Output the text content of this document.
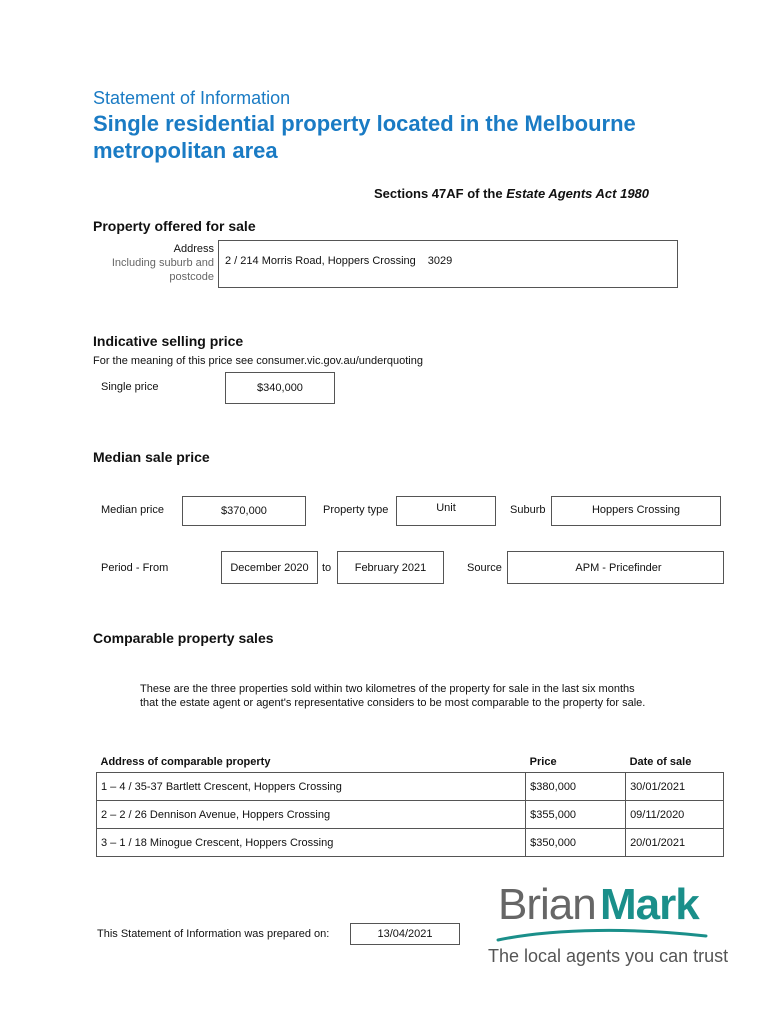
Statement of Information
Single residential property located in the Melbourne metropolitan area
Sections 47AF of the Estate Agents Act 1980
Property offered for sale
Address
Including suburb and
postcode
2 / 214 Morris Road, Hoppers Crossing 3029
Indicative selling price
For the meaning of this price see consumer.vic.gov.au/underquoting
Single price	$340,000
Median sale price
Median price	$370,000	Property type	Unit	Suburb	Hoppers Crossing
Period - From	December 2020	to	February 2021	Source	APM - Pricefinder
Comparable property sales
These are the three properties sold within two kilometres of the property for sale in the last six months
that the estate agent or agent's representative considers to be most comparable to the property for sale.
Address of comparable property	Price	Date of sale
1 – 4 / 35-37 Bartlett Crescent, Hoppers Crossing	$380,000	30/01/2021
2 – 2 / 26 Dennison Avenue, Hoppers Crossing	$355,000	09/11/2020
3 – 1 / 18 Minogue Crescent, Hoppers Crossing	$350,000	20/01/2021
This Statement of Information was prepared on:	13/04/2021
Brian Mark
The local agents you can trust
